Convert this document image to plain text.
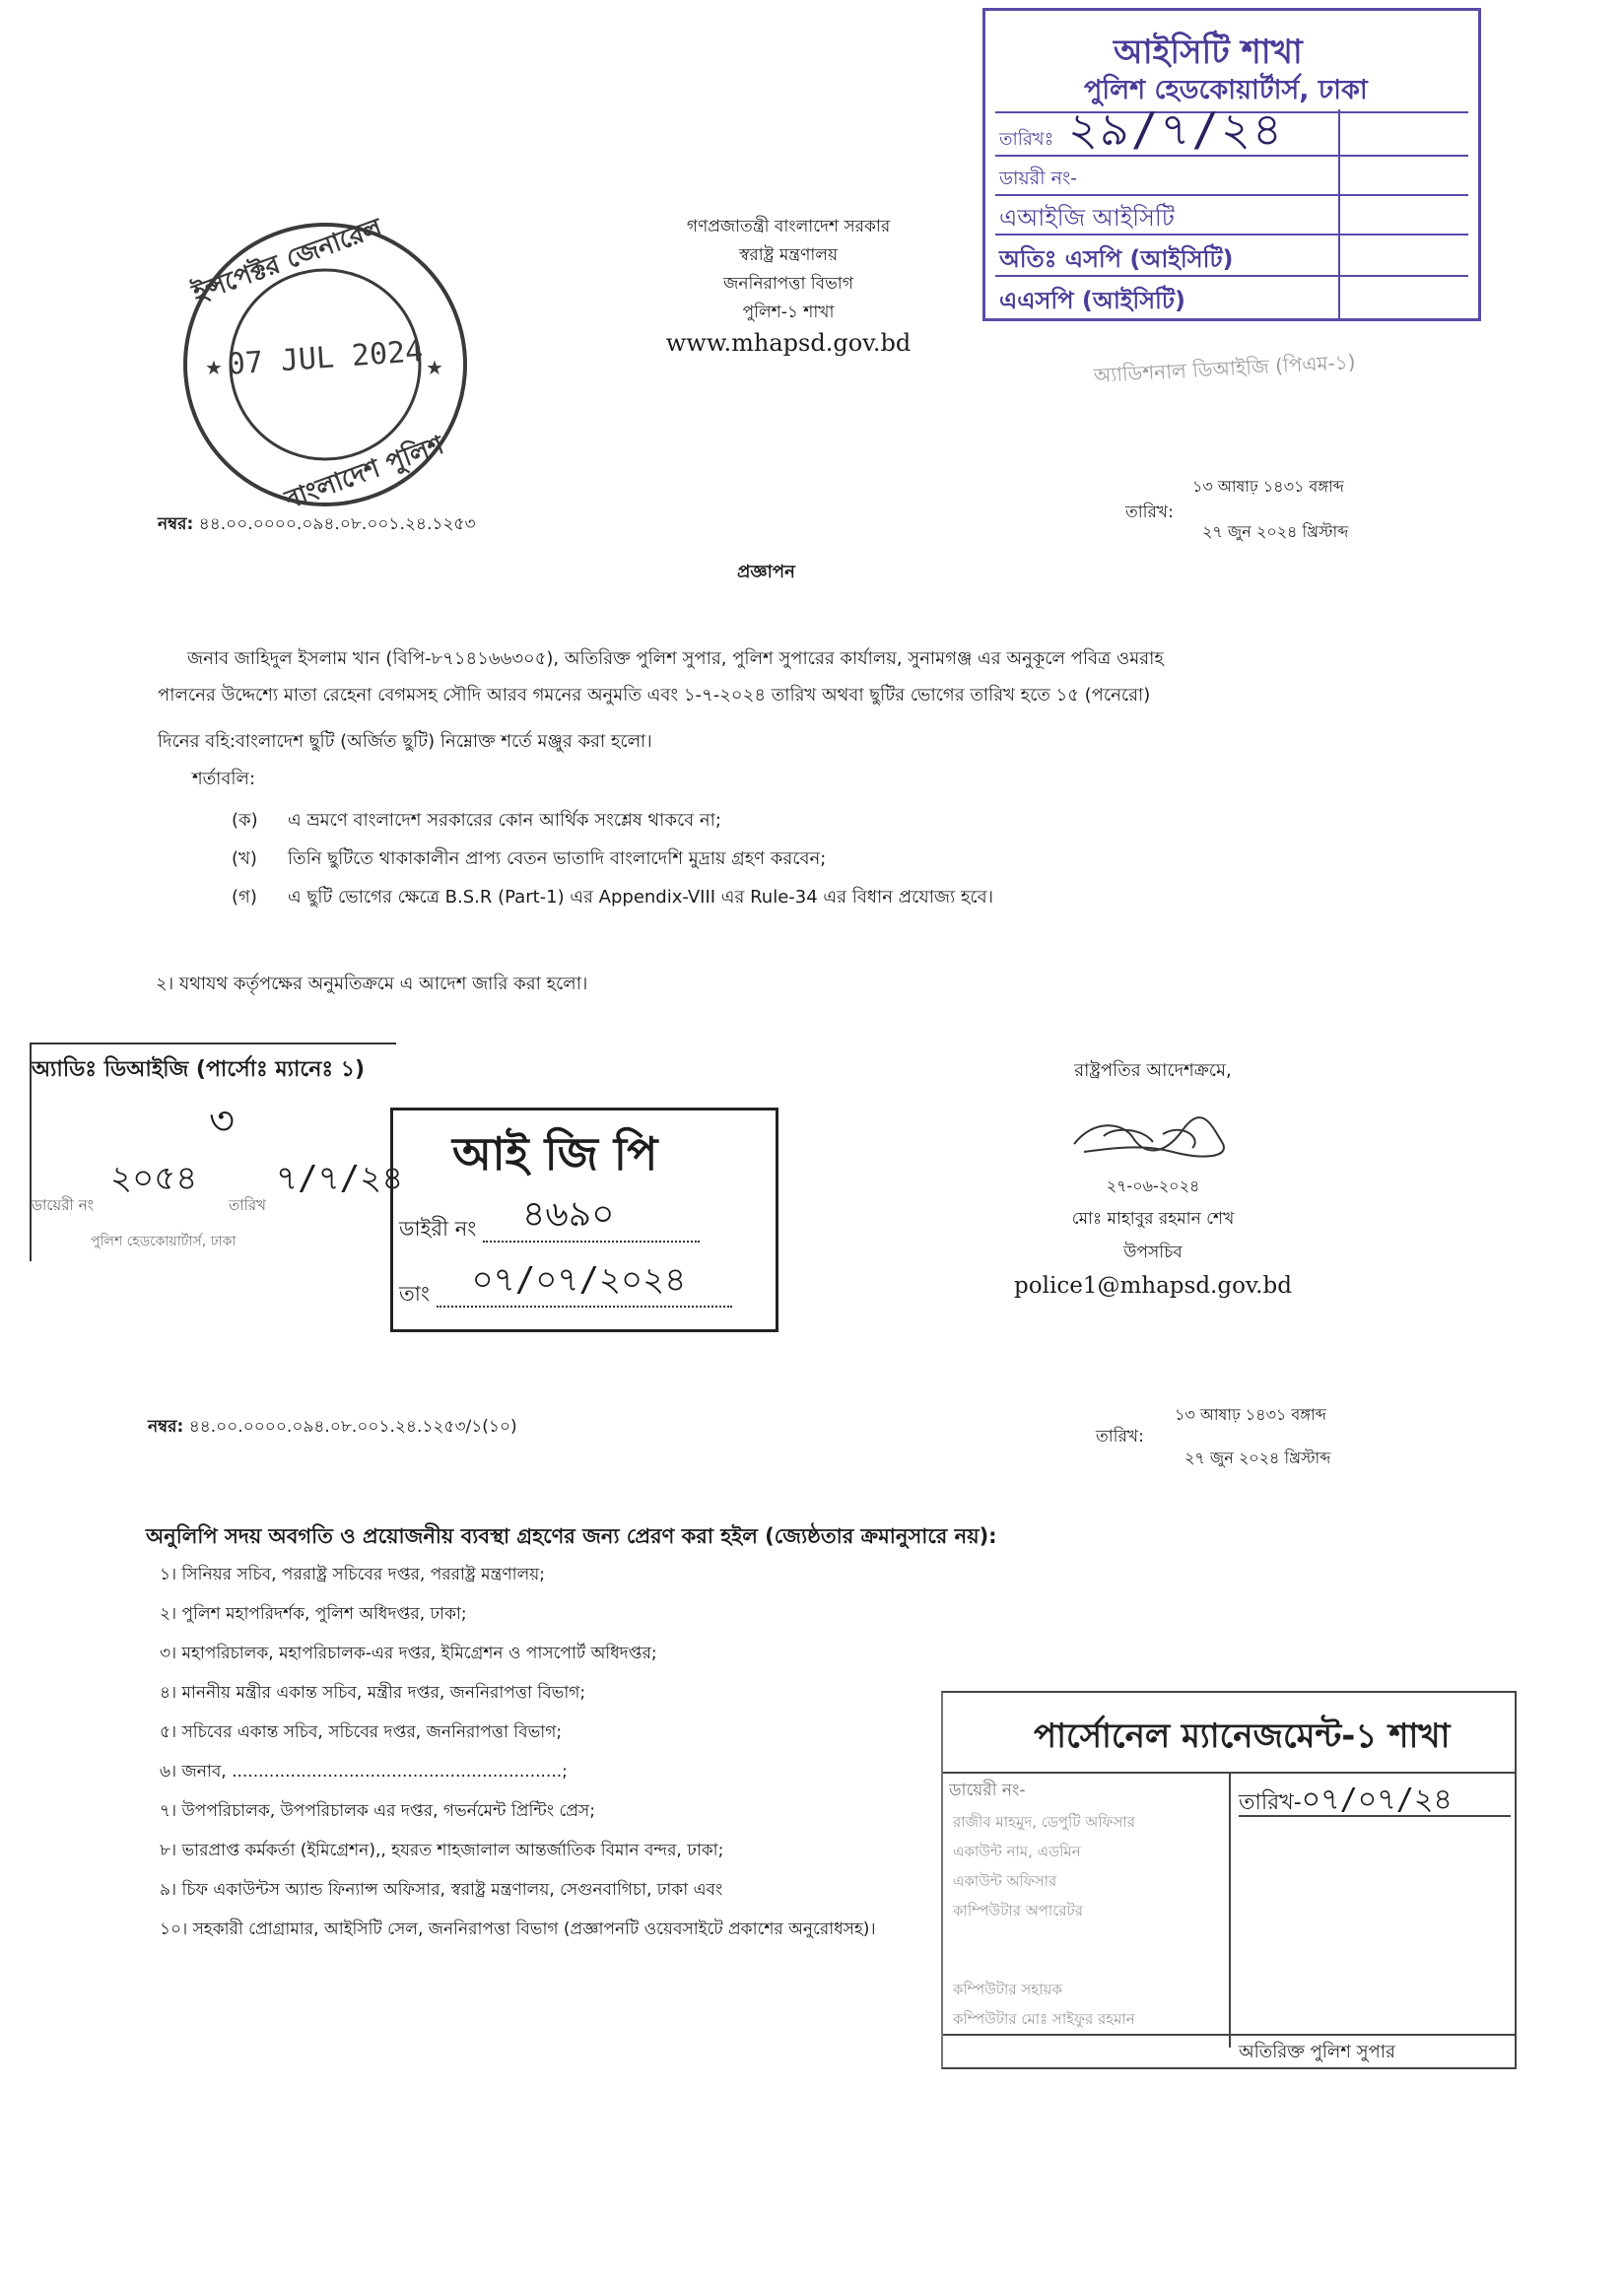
ইন্সপেক্টর জেনারেল
বাংলাদেশ পুলিশ
★	★
07 JUL 2024
আইসিটি শাখা
পুলিশ হেডকোয়ার্টার্স, ঢাকা
তারিখঃ ২৯/৭/২৪
ডায়রী নং-
এআইজি আইসিটি
অতিঃ এসপি (আইসিটি)
এএসপি (আইসিটি)
গণপ্রজাতন্ত্রী বাংলাদেশ সরকার
স্বরাষ্ট্র মন্ত্রণালয়
জননিরাপত্তা বিভাগ
পুলিশ-১ শাখা
www.mhapsd.gov.bd
অ্যাডিশনাল ডিআইজি (পিএম-১)
নম্বর: ৪৪.০০.০০০০.০৯৪.০৮.০০১.২৪.১২৫৩
তারিখ:
১৩ আষাঢ় ১৪৩১ বঙ্গাব্দ
২৭ জুন ২০২৪ খ্রিস্টাব্দ
প্রজ্ঞাপন
জনাব জাহিদুল ইসলাম খান (বিপি-৮৭১৪১৬৬৩০৫), অতিরিক্ত পুলিশ সুপার, পুলিশ সুপারের কার্যালয়, সুনামগঞ্জ এর অনুকূলে পবিত্র ওমরাহ
পালনের উদ্দেশ্যে মাতা রেহেনা বেগমসহ সৌদি আরব গমনের অনুমতি এবং ১-৭-২০২৪ তারিখ অথবা ছুটির ভোগের তারিখ হতে ১৫ (পনেরো)
দিনের বহি:বাংলাদেশ ছুটি (অর্জিত ছুটি) নিম্নোক্ত শর্তে মঞ্জুর করা হলো।
শর্তাবলি:
(ক) এ ভ্রমণে বাংলাদেশ সরকারের কোন আর্থিক সংশ্লেষ থাকবে না;
(খ) তিনি ছুটিতে থাকাকালীন প্রাপ্য বেতন ভাতাদি বাংলাদেশি মুদ্রায় গ্রহণ করবেন;
(গ) এ ছুটি ভোগের ক্ষেত্রে B.S.R (Part-1) এর Appendix-VIII এর Rule-34 এর বিধান প্রযোজ্য হবে।
২। যথাযথ কর্তৃপক্ষের অনুমতিক্রমে এ আদেশ জারি করা হলো।
অ্যাডিঃ ডিআইজি (পার্সোঃ ম্যানেঃ ১)
৩
২০৫৪ ৭/৭/২৪
ডায়েরী নং	তারিখ
পুলিশ হেডকোয়ার্টার্স, ঢাকা
আই জি পি
ডাইরী নং ৪৬৯০

তাং ০৭/০৭/২০২৪

রাষ্ট্রপতির আদেশক্রমে,
২৭-০৬-২০২৪
মোঃ মাহাবুর রহমান শেখ
উপসচিব
police1@mhapsd.gov.bd
নম্বর: ৪৪.০০.০০০০.০৯৪.০৮.০০১.২৪.১২৫৩/১(১০)	তারিখ:
১৩ আষাঢ় ১৪৩১ বঙ্গাব্দ
২৭ জুন ২০২৪ খ্রিস্টাব্দ
অনুলিপি সদয় অবগতি ও প্রয়োজনীয় ব্যবস্থা গ্রহণের জন্য প্রেরণ করা হইল (জ্যেষ্ঠতার ক্রমানুসারে নয়):
১। সিনিয়র সচিব, পররাষ্ট্র সচিবের দপ্তর, পররাষ্ট্র মন্ত্রণালয়;
২। পুলিশ মহাপরিদর্শক, পুলিশ অধিদপ্তর, ঢাকা;
৩। মহাপরিচালক, মহাপরিচালক-এর দপ্তর, ইমিগ্রেশন ও পাসপোর্ট অধিদপ্তর;
৪। মাননীয় মন্ত্রীর একান্ত সচিব, মন্ত্রীর দপ্তর, জননিরাপত্তা বিভাগ;
৫। সচিবের একান্ত সচিব, সচিবের দপ্তর, জননিরাপত্তা বিভাগ;
৬। জনাব, ..............................................................;
৭। উপপরিচালক, উপপরিচালক এর দপ্তর, গভর্নমেন্ট প্রিন্টিং প্রেস;
৮। ভারপ্রাপ্ত কর্মকর্তা (ইমিগ্রেশন),, হযরত শাহজালাল আন্তর্জাতিক বিমান বন্দর, ঢাকা;
৯। চিফ একাউন্টস অ্যান্ড ফিন্যান্স অফিসার, স্বরাষ্ট্র মন্ত্রণালয়, সেগুনবাগিচা, ঢাকা এবং
১০। সহকারী প্রোগ্রামার, আইসিটি সেল, জননিরাপত্তা বিভাগ (প্রজ্ঞাপনটি ওয়েবসাইটে প্রকাশের অনুরোধসহ)।
পার্সোনেল ম্যানেজমেন্ট-১ শাখা
ডায়েরী নং-	তারিখ-০৭/০৭/২৪
রাজীব মাহমুদ, ডেপুটি অফিসার
একাউন্ট নাম, এডমিন
একাউন্ট অফিসার
কাম্পিউটার অপারেটর
কম্পিউটার সহায়ক
কম্পিউটার মোঃ সাইফুর রহমান
অতিরিক্ত পুলিশ সুপার
